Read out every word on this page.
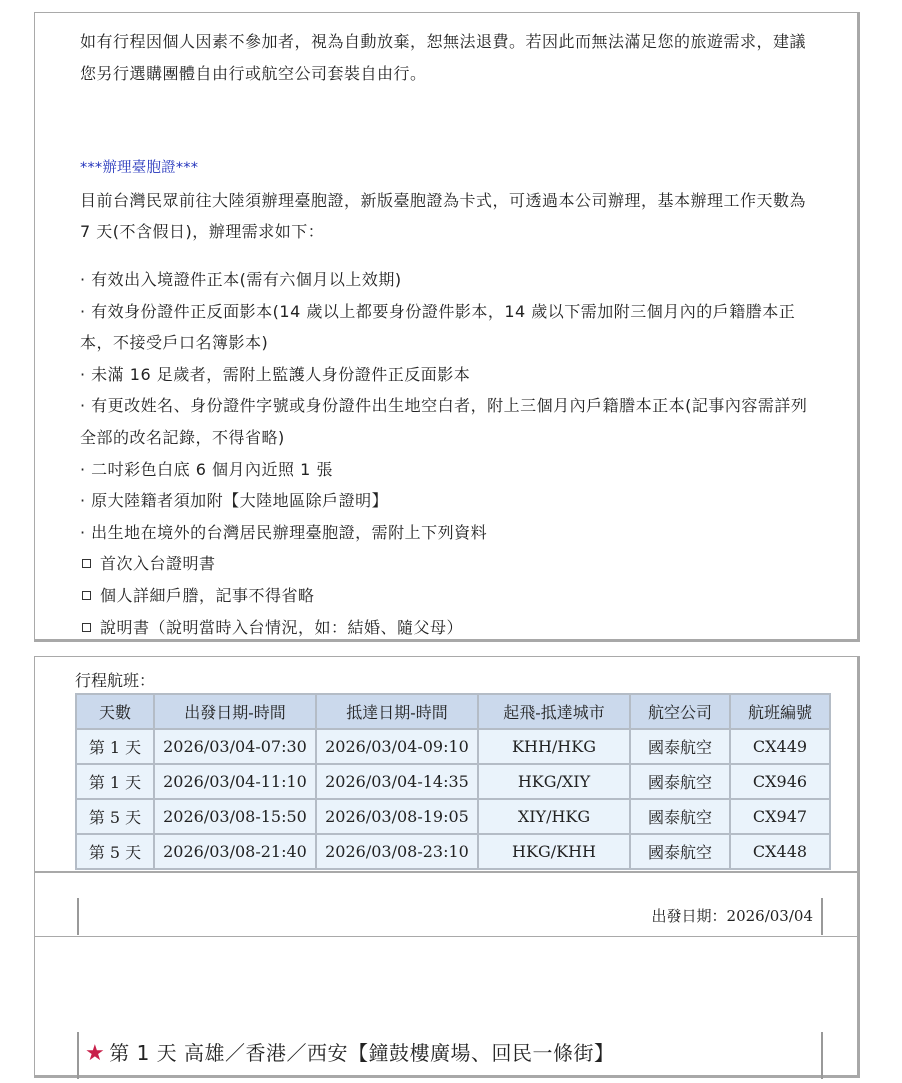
如有行程因個人因素不參加者，視為自動放棄，恕無法退費。若因此而無法滿足您的旅遊需求，建議您另行選購團體自由行或航空公司套裝自由行。

***辦理臺胞證***

目前台灣民眾前往大陸須辦理臺胞證，新版臺胞證為卡式，可透過本公司辦理，基本辦理工作天數為 7 天(不含假日)，辦理需求如下：

· 有效出入境證件正本(需有六個月以上效期)

· 有效身份證件正反面影本(14 歲以上都要身份證件影本，14 歲以下需加附三個月內的戶籍謄本正本，不接受戶口名簿影本)

· 未滿 16 足歲者，需附上監護人身份證件正反面影本

· 有更改姓名、身份證件字號或身份證件出生地空白者，附上三個月內戶籍謄本正本(記事內容需詳列全部的改名記錄，不得省略)

· 二吋彩色白底 6 個月內近照 1 張

· 原大陸籍者須加附【大陸地區除戶證明】

· 出生地在境外的台灣居民辦理臺胞證，需附上下列資料

首次入台證明書

個人詳細戶謄，記事不得省略

說明書（說明當時入台情況，如：結婚、隨父母）

行程航班：
天數	出發日期-時間	抵達日期-時間	起飛-抵達城市	航空公司	航班編號
第 1 天	2026/03/04-07:30	2026/03/04-09:10	KHH/HKG	國泰航空	CX449
第 1 天	2026/03/04-11:10	2026/03/04-14:35	HKG/XIY	國泰航空	CX946
第 5 天	2026/03/08-15:50	2026/03/08-19:05	XIY/HKG	國泰航空	CX947
第 5 天	2026/03/08-21:40	2026/03/08-23:10	HKG/KHH	國泰航空	CX448
出發日期：2026/03/04
★ 第 1 天 高雄／香港／西安【鐘鼓樓廣場、回民一條街】
